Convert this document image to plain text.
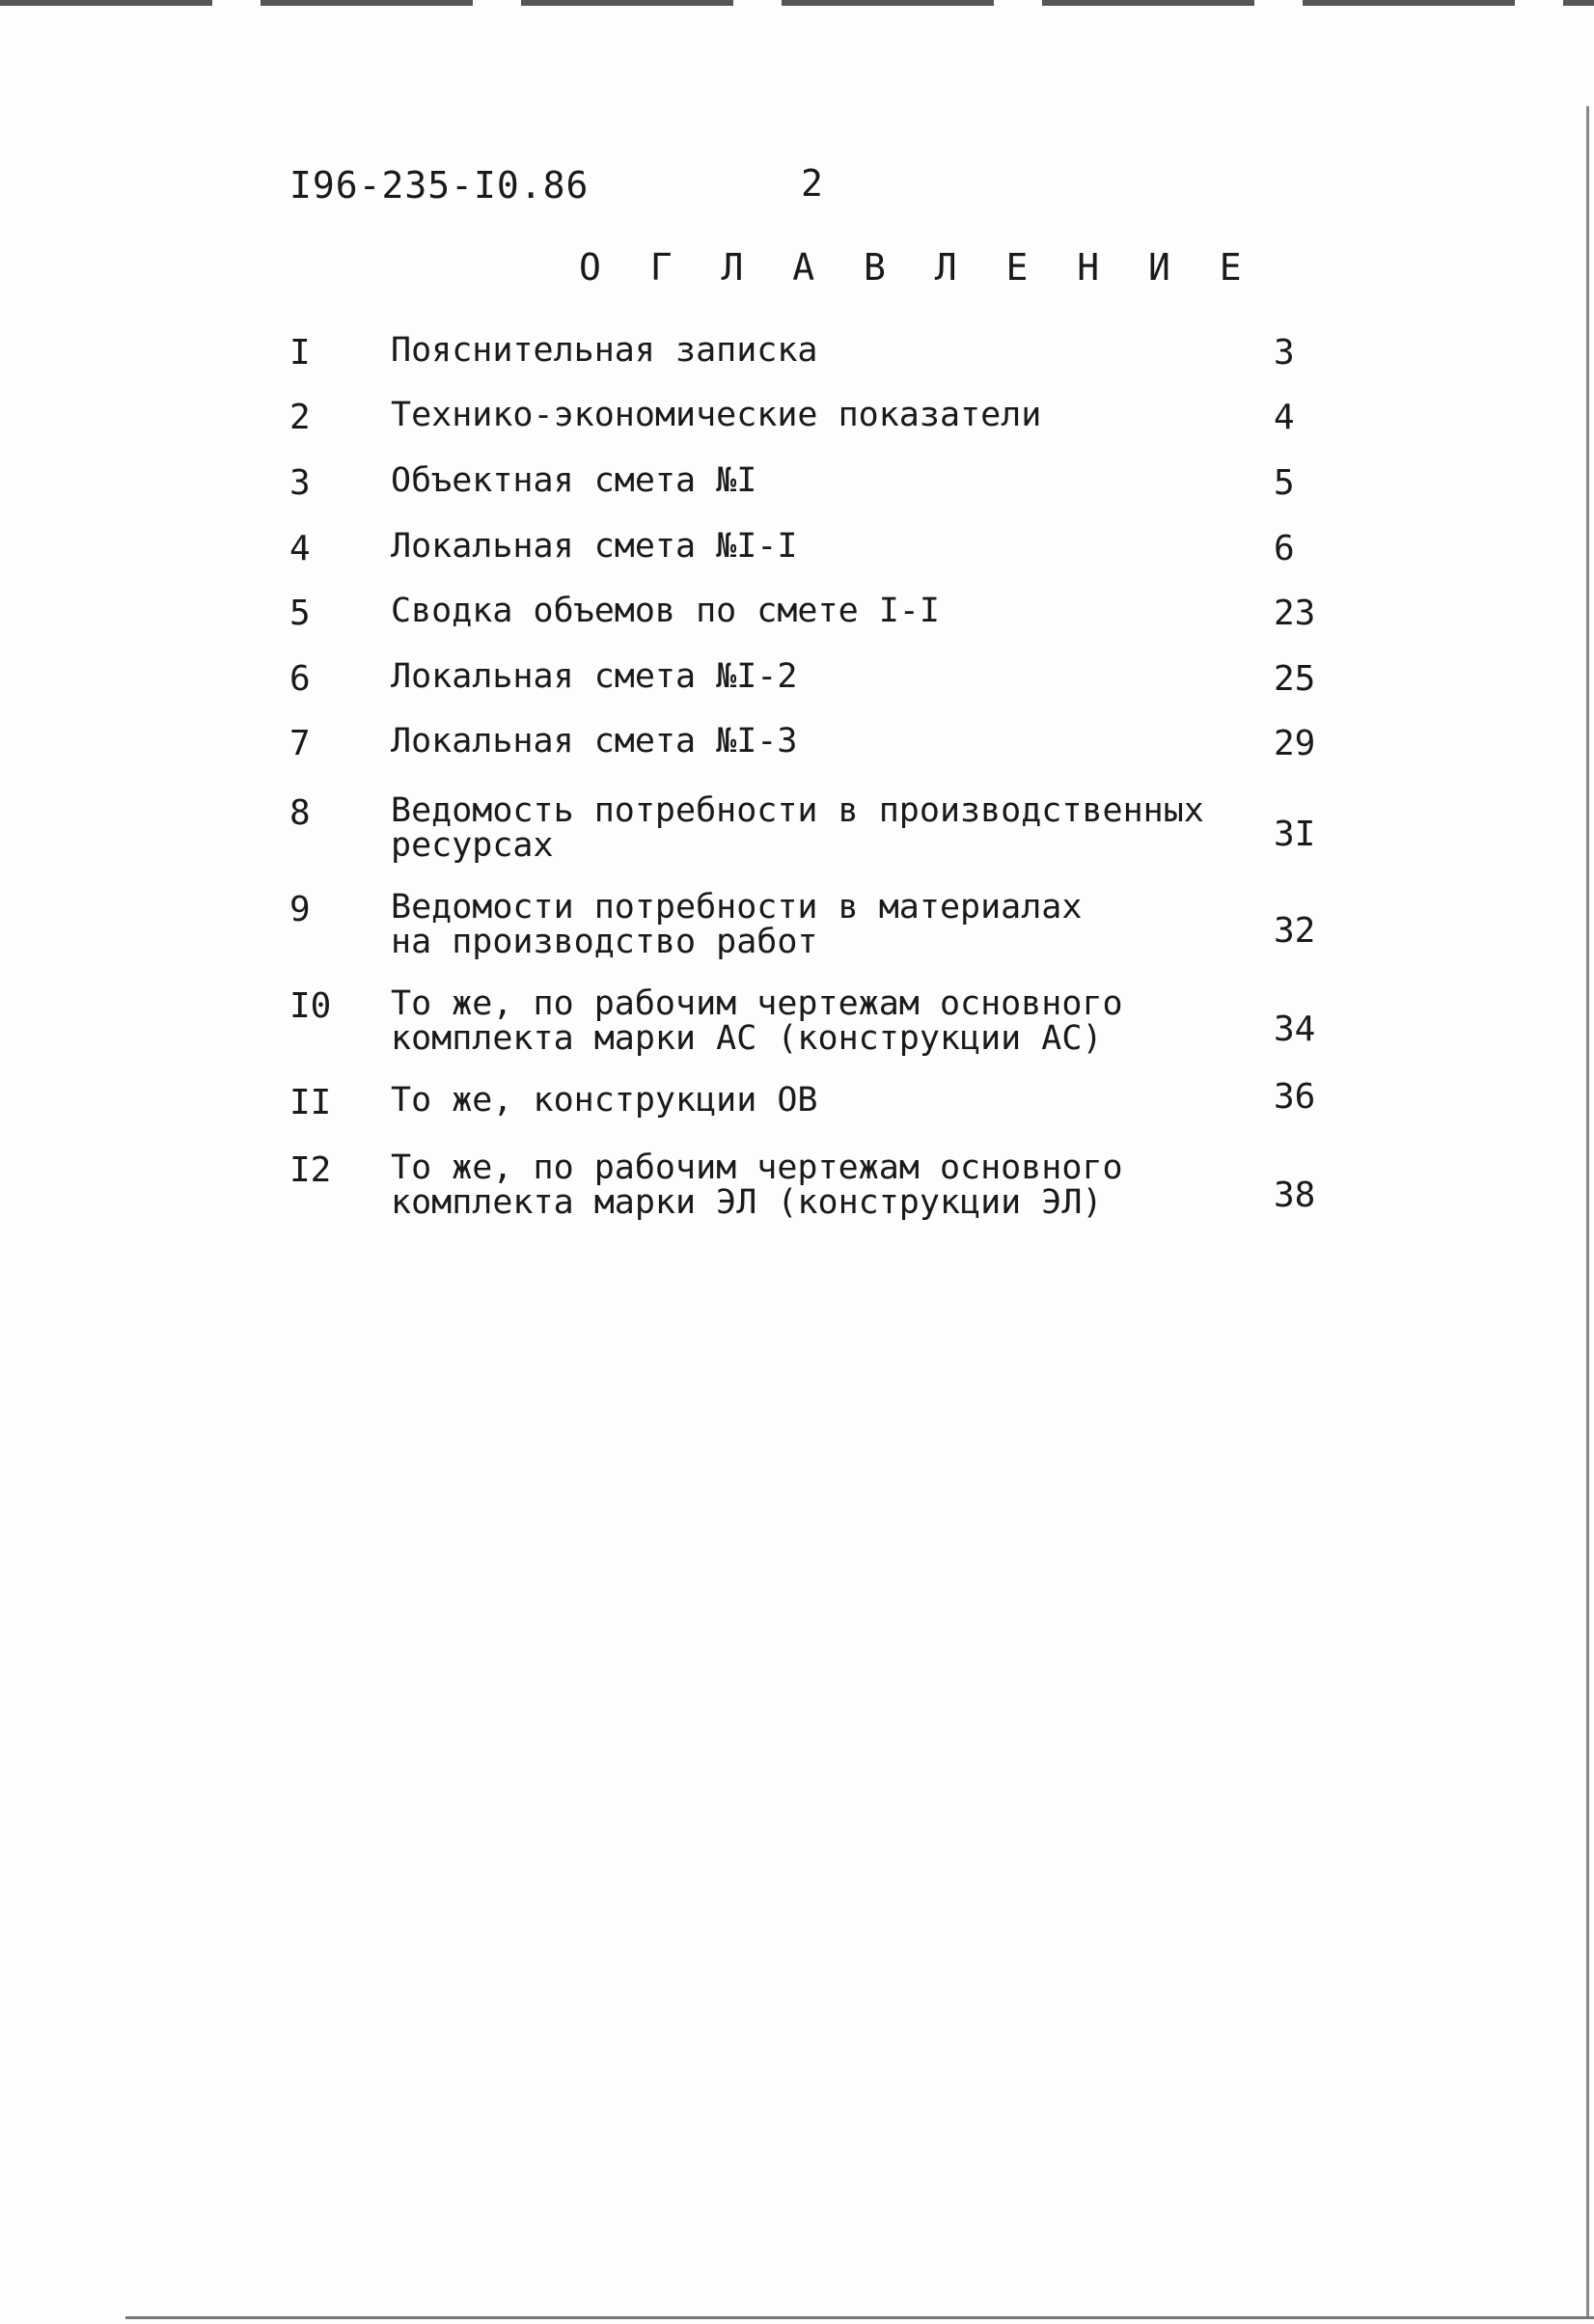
I96-235-I0.86	2
О Г Л А В Л Е Н И Е
I Пояснительная записка	3
2 Технико-экономические показатели	4
3 Объектная смета №I	5
4 Локальная смета №I-I	6
5 Сводка объемов по смете I-I	23
6 Локальная смета №I-2	25
7 Локальная смета №I-3	29
8 Ведомость потребности в производственных
ресурсах	3I
9 Ведомости потребности в материалах
на производство работ	32
I0 То же, по рабочим чертежам основного
комплекта марки АС (конструкции АС)	34
II То же, конструкции ОВ	36
I2 То же, по рабочим чертежам основного
комплекта марки ЭЛ (конструкции ЭЛ)	38
